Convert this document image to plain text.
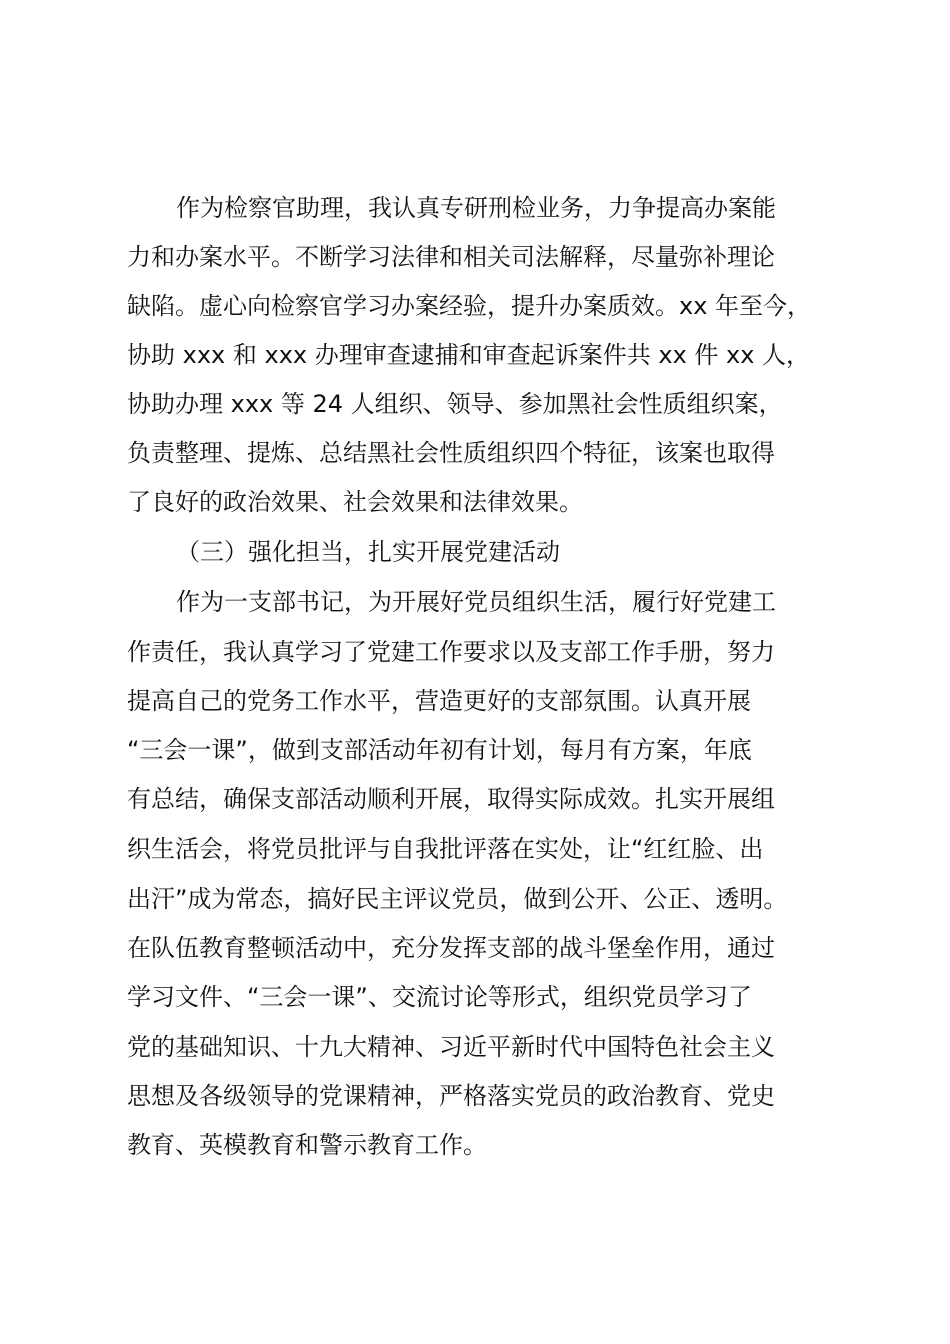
作为检察官助理，我认真专研刑检业务，力争提高办案能
力和办案水平。不断学习法律和相关司法解释，尽量弥补理论
缺陷。虚心向检察官学习办案经验，提升办案质效。xx 年至今，
协助 xxx 和 xxx 办理审查逮捕和审查起诉案件共 xx 件 xx 人，
协助办理 xxx 等 24 人组织、领导、参加黑社会性质组织案，
负责整理、提炼、总结黑社会性质组织四个特征，该案也取得
了良好的政治效果、社会效果和法律效果。
（三）强化担当，扎实开展党建活动
作为一支部书记，为开展好党员组织生活，履行好党建工
作责任，我认真学习了党建工作要求以及支部工作手册，努力
提高自己的党务工作水平，营造更好的支部氛围。认真开展
“三会一课”，做到支部活动年初有计划，每月有方案，年底
有总结，确保支部活动顺利开展，取得实际成效。扎实开展组
织生活会，将党员批评与自我批评落在实处，让“红红脸、出
出汗”成为常态，搞好民主评议党员，做到公开、公正、透明。
在队伍教育整顿活动中，充分发挥支部的战斗堡垒作用，通过
学习文件、“三会一课”、交流讨论等形式，组织党员学习了
党的基础知识、十九大精神、习近平新时代中国特色社会主义
思想及各级领导的党课精神，严格落实党员的政治教育、党史
教育、英模教育和警示教育工作。
